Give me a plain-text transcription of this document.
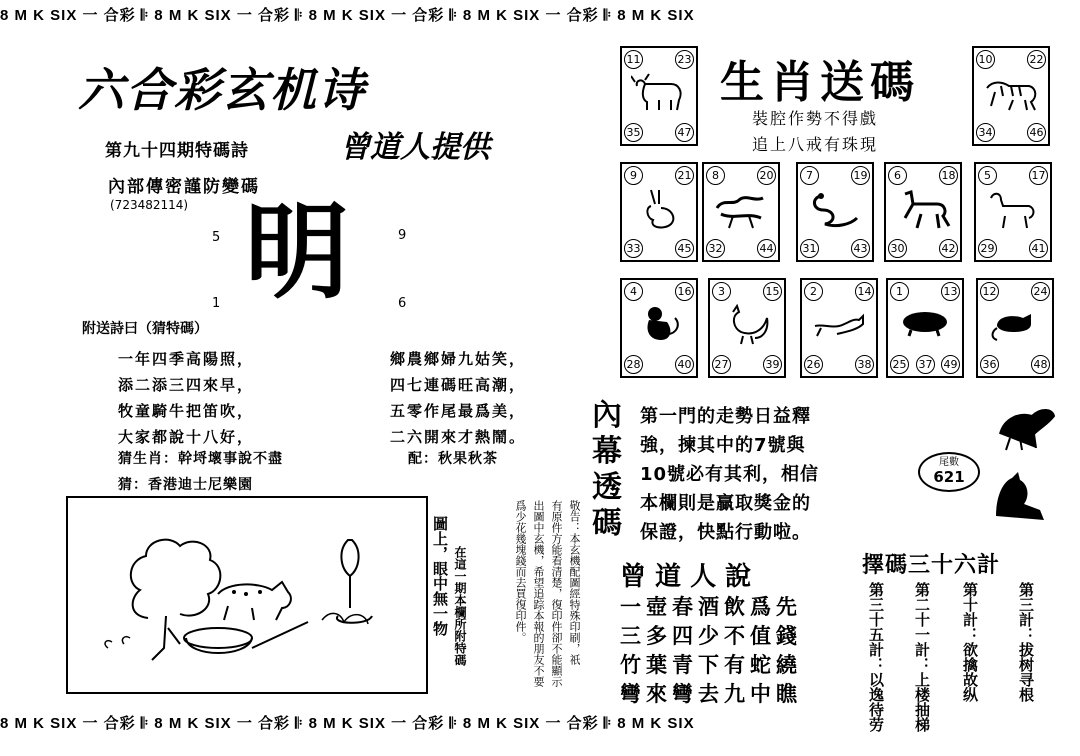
8 M K SIX 一 合彩 𝄆 8 M K SIX 一 合彩 𝄆 8 M K SIX 一 合彩 𝄆 8 M K SIX 一 合彩 𝄆 8 M K SIX
8 M K SIX 一 合彩 𝄆 8 M K SIX 一 合彩 𝄆 8 M K SIX 一 合彩 𝄆 8 M K SIX 一 合彩 𝄆 8 M K SIX
六合彩玄机诗
曾道人提供
第九十四期特碼詩
內部傳密謹防變碼
(723482114) 明
5	9
1	6
附送詩曰（猜特碼）
一年四季高陽照，
添二添三四來早，
牧童騎牛把笛吹，
大家都說十八好，
鄉農鄉婦九姑笑，
四七連碼旺高潮，
五零作尾最爲美，
二六開來才熱鬧。
猜生肖：幹埒壞事說不盡	配：秋果秋茶
猜：香港迪士尼樂園
圖上，眼中無一物 在這一期本欄所附特碼	敬告：本玄機配圖經特殊印刷，祇
有原件方能看清楚，復印件卻不能顯示
出圖中玄機，希望追踪本報的朋友不要
爲少花幾塊錢而去買復印件。
生肖送碼
裝腔作勢不得戲
追上八戒有珠現
11	23
35	47
10	22
34	46
9	21
33	45
8	20
32	44
7	19
31	43
6	18
30	42
5	17
29	41
4	16
28	40
3	15
27	39
2	14
26	38
1	13
25 37 49
12	24
36	48
內
幕
透
碼
第一門的走勢日益釋
強，揀其中的7號與
10號必有其利，相信
本欄則是贏取獎金的
保證，快點行動啦。
尾數
621
曾 道 人 說
一壺春酒飲爲先
三多四少不值錢
竹葉青下有蛇繞
彎來彎去九中瞧
擇碼三十六計
第三計：拔树寻根
第十計：欲擒故纵
第二十一計：上楼抽梯
第三十五計：以逸待劳
